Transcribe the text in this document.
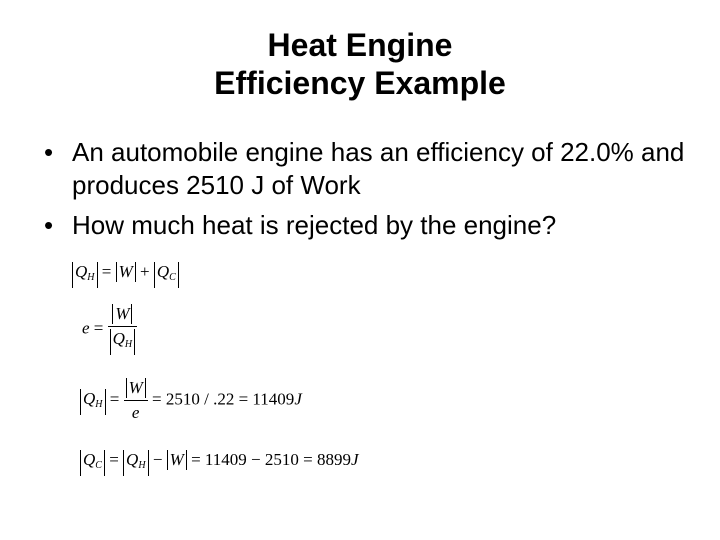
Heat Engine
Efficiency Example
• An automobile engine has an efficiency of 22.0% and produces 2510 J of Work
• How much heat is rejected by the engine?
$Q_H = W + Q_C$
$e = \frac{W}{Q_H}$
$Q_H = \frac{W}{e} = 2510 / .22 = 11409J$
$Q_C = Q_H - W = 11409 - 2510 = 8899J$
